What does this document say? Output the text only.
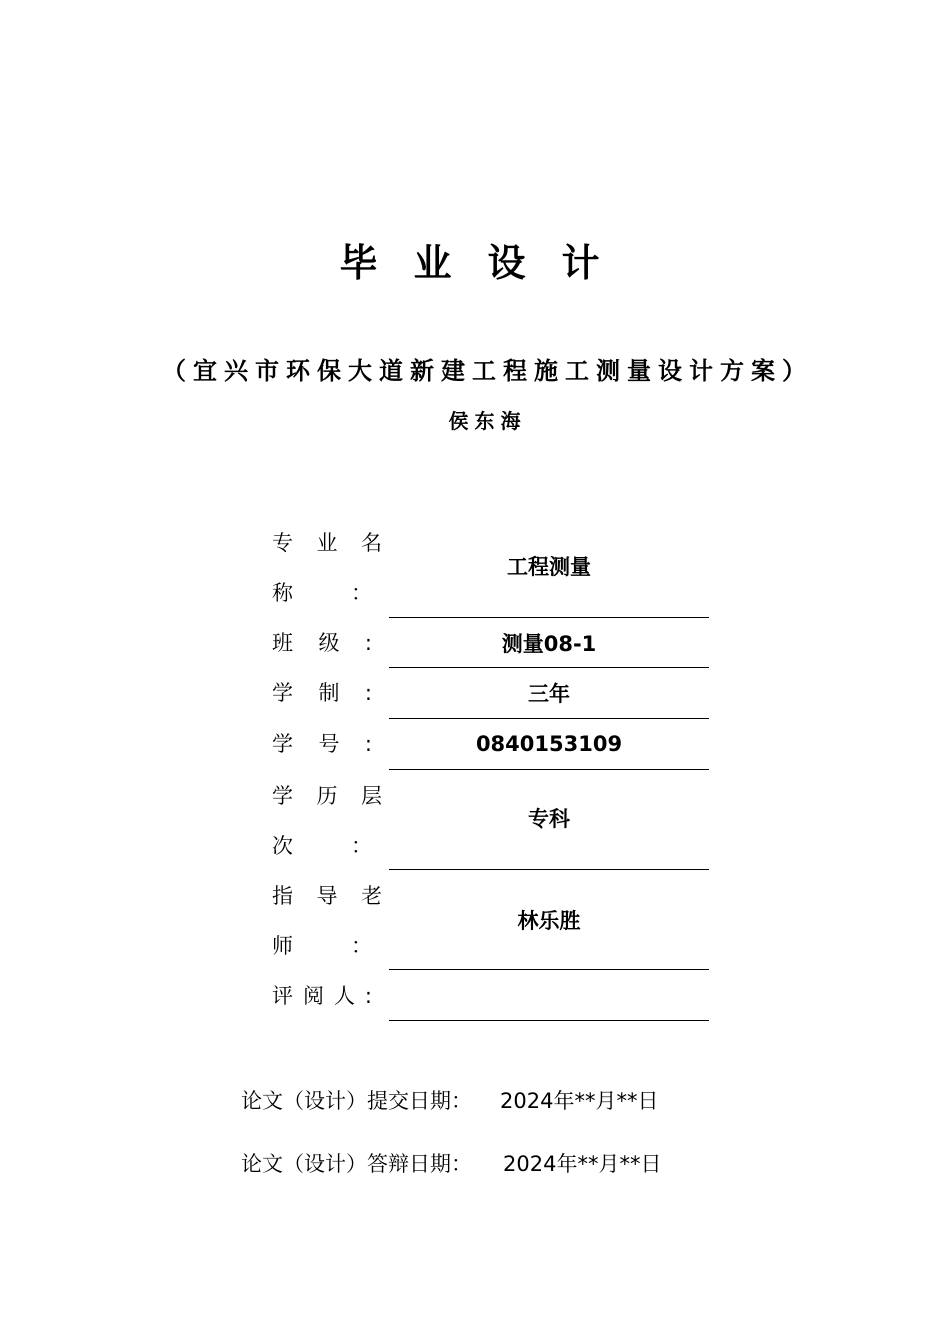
毕业设计
（宜兴市环保大道新建工程施工测量设计方案）
侯东海
专业名
称：
工程测量
班级:	测量08-1
学制:	三年
学号:	0840153109
学历层
次：
专科
指导老
师：
林乐胜
评阅人:
论文（设计）提交日期： 2024年**月**日
论文（设计）答辩日期： 2024年**月**日
